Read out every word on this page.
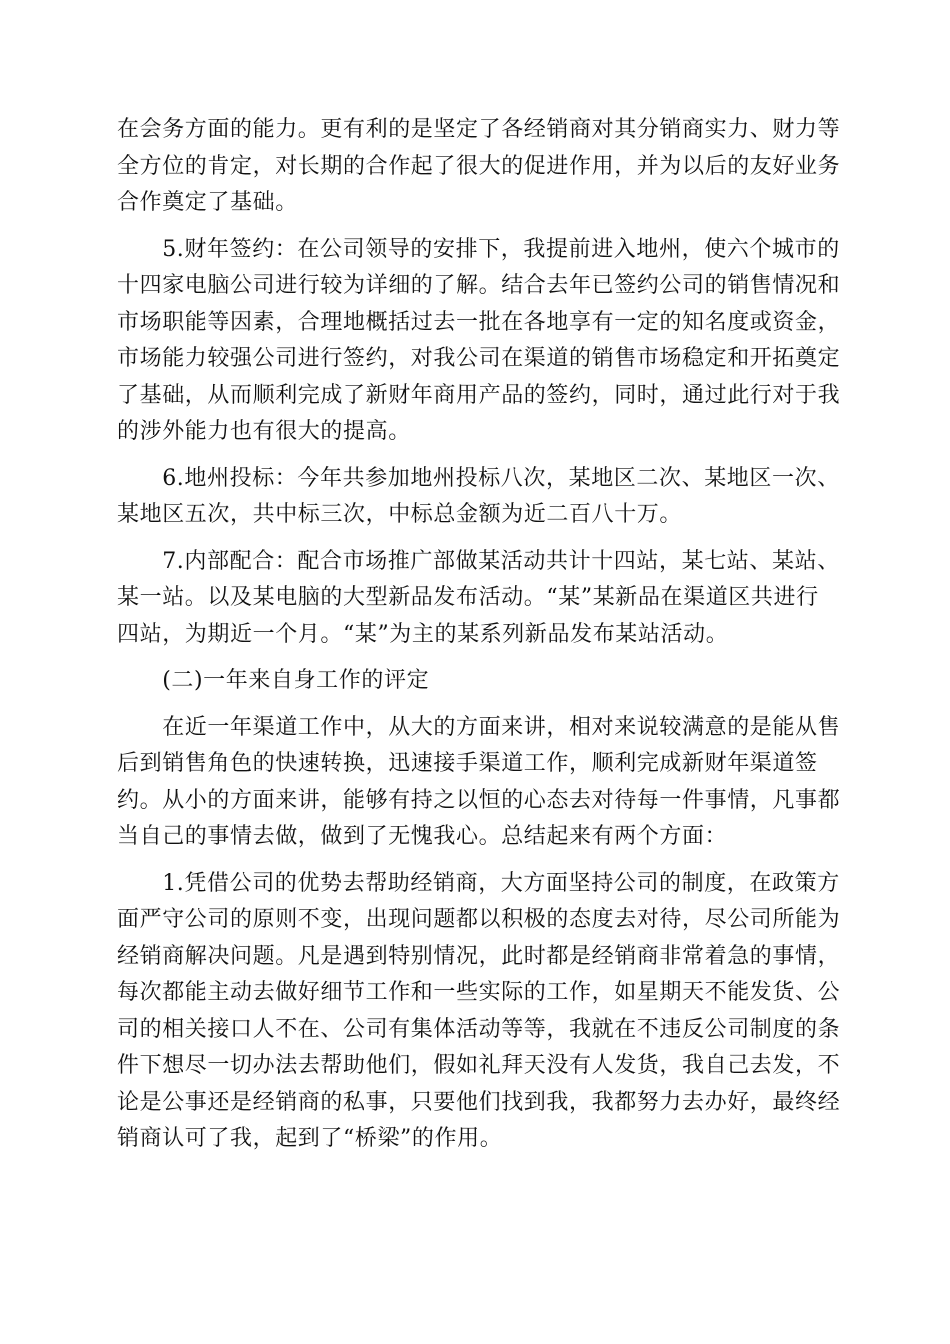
在会务方面的能力。更有利的是坚定了各经销商对其分销商实力、财力等
全方位的肯定，对长期的合作起了很大的促进作用，并为以后的友好业务
合作奠定了基础。
　　5.财年签约：在公司领导的安排下，我提前进入地州，使六个城市的
十四家电脑公司进行较为详细的了解。结合去年已签约公司的销售情况和
市场职能等因素，合理地概括过去一批在各地享有一定的知名度或资金，
市场能力较强公司进行签约，对我公司在渠道的销售市场稳定和开拓奠定
了基础，从而顺利完成了新财年商用产品的签约，同时，通过此行对于我
的涉外能力也有很大的提高。
　　6.地州投标：今年共参加地州投标八次，某地区二次、某地区一次、
某地区五次，共中标三次，中标总金额为近二百八十万。
　　7.内部配合：配合市场推广部做某活动共计十四站，某七站、某站、
某一站。以及某电脑的大型新品发布活动。“某”某新品在渠道区共进行
四站，为期近一个月。“某”为主的某系列新品发布某站活动。
　　(二)一年来自身工作的评定
　　在近一年渠道工作中，从大的方面来讲，相对来说较满意的是能从售
后到销售角色的快速转换，迅速接手渠道工作，顺利完成新财年渠道签
约。从小的方面来讲，能够有持之以恒的心态去对待每一件事情，凡事都
当自己的事情去做，做到了无愧我心。总结起来有两个方面：
　　1.凭借公司的优势去帮助经销商，大方面坚持公司的制度，在政策方
面严守公司的原则不变，出现问题都以积极的态度去对待，尽公司所能为
经销商解决问题。凡是遇到特别情况，此时都是经销商非常着急的事情，
每次都能主动去做好细节工作和一些实际的工作，如星期天不能发货、公
司的相关接口人不在、公司有集体活动等等，我就在不违反公司制度的条
件下想尽一切办法去帮助他们，假如礼拜天没有人发货，我自己去发，不
论是公事还是经销商的私事，只要他们找到我，我都努力去办好，最终经
销商认可了我，起到了“桥梁”的作用。
